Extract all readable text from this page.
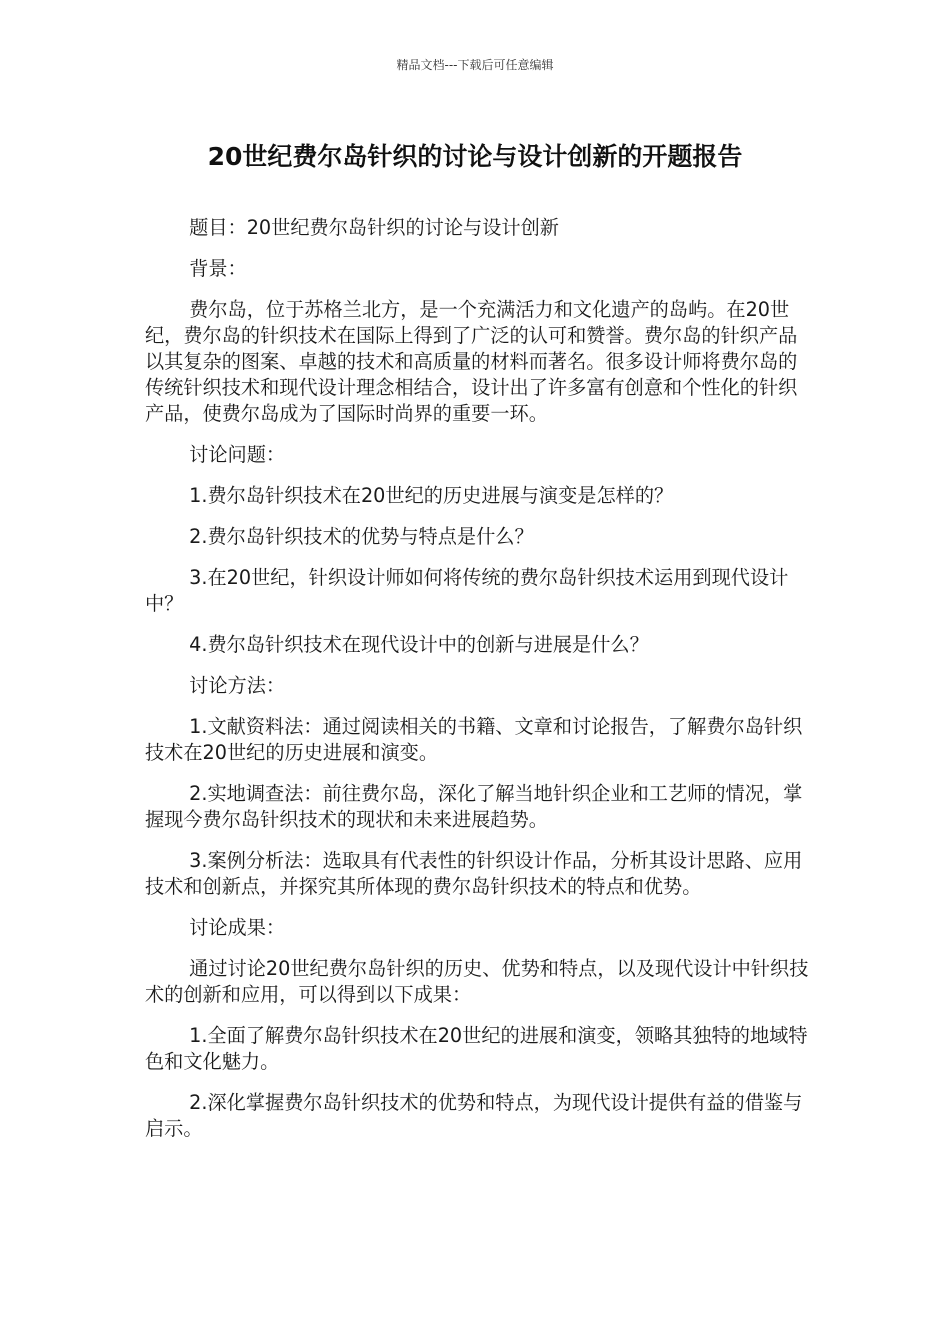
精品文档---下载后可任意编辑
20世纪费尔岛针织的讨论与设计创新的开题报告

题目：20世纪费尔岛针织的讨论与设计创新

背景：

费尔岛，位于苏格兰北方，是一个充满活力和文化遗产的岛屿。在20世纪，费尔岛的针织技术在国际上得到了广泛的认可和赞誉。费尔岛的针织产品以其复杂的图案、卓越的技术和高质量的材料而著名。很多设计师将费尔岛的传统针织技术和现代设计理念相结合，设计出了许多富有创意和个性化的针织产品，使费尔岛成为了国际时尚界的重要一环。

讨论问题：

1.费尔岛针织技术在20世纪的历史进展与演变是怎样的？

2.费尔岛针织技术的优势与特点是什么？

3.在20世纪，针织设计师如何将传统的费尔岛针织技术运用到现代设计中？

4.费尔岛针织技术在现代设计中的创新与进展是什么？

讨论方法：

1.文献资料法：通过阅读相关的书籍、文章和讨论报告，了解费尔岛针织技术在20世纪的历史进展和演变。

2.实地调查法：前往费尔岛，深化了解当地针织企业和工艺师的情况，掌握现今费尔岛针织技术的现状和未来进展趋势。

3.案例分析法：选取具有代表性的针织设计作品，分析其设计思路、应用技术和创新点，并探究其所体现的费尔岛针织技术的特点和优势。

讨论成果：

通过讨论20世纪费尔岛针织的历史、优势和特点，以及现代设计中针织技术的创新和应用，可以得到以下成果：

1.全面了解费尔岛针织技术在20世纪的进展和演变，领略其独特的地域特色和文化魅力。

2.深化掌握费尔岛针织技术的优势和特点，为现代设计提供有益的借鉴与启示。
